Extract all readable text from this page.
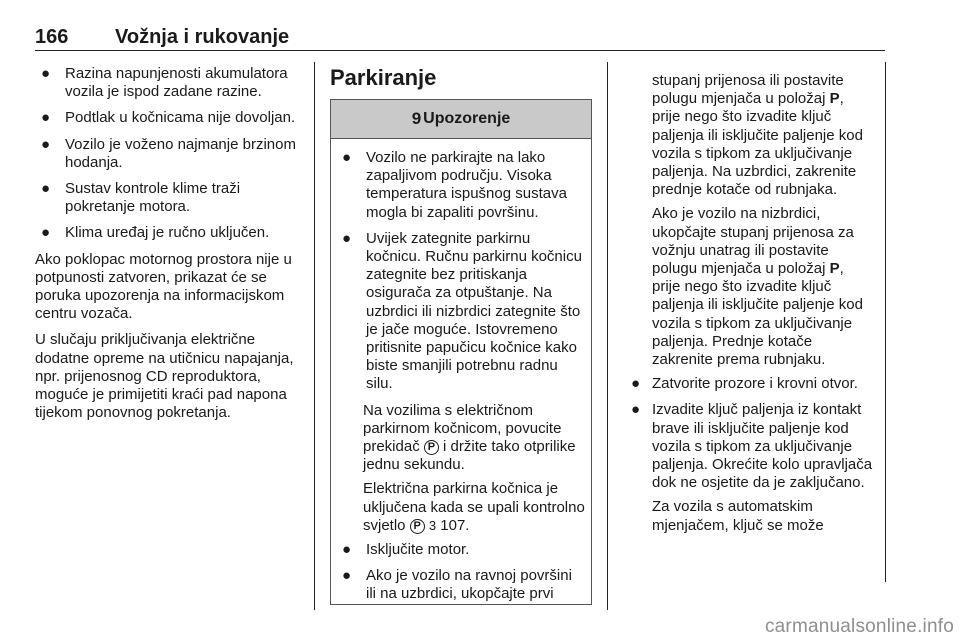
166 Vožnja i rukovanje
● Razina napunjenosti akumulatora vozila je ispod zadane razine.
● Podtlak u kočnicama nije dovoljan.
● Vozilo je voženo najmanje brzinom hodanja.
● Sustav kontrole klime traži pokretanje motora.
● Klima uređaj je ručno uključen.

Ako poklopac motornog prostora nije u potpunosti zatvoren, prikazat će se poruka upozorenja na informacijskom centru vozača.

U slučaju priključivanja električne dodatne opreme na utičnicu napajanja, npr. prijenosnog CD reproduktora, moguće je primijetiti kraći pad napona tijekom ponovnog pokretanja.

Parkiranje
9 Upozorenje
● Vozilo ne parkirajte na lako zapaljivom području. Visoka temperatura ispušnog sustava mogla bi zapaliti površinu.
● Uvijek zategnite parkirnu kočnicu. Ručnu parkirnu kočnicu zategnite bez pritiskanja osigurača za otpuštanje. Na uzbrdici ili nizbrdici zategnite što je jače moguće. Istovremeno pritisnite papučicu kočnice kako biste smanjili potrebnu radnu silu.

Na vozilima s električnom parkirnom kočnicom, povucite prekidač P i držite tako otprilike jednu sekundu.

Električna parkirna kočnica je uključena kada se upali kontrolno svjetlo P 3 107.

● Isključite motor.
● Ako je vozilo na ravnoj površini ili na uzbrdici, ukopčajte prvi

stupanj prijenosa ili postavite polugu mjenjača u položaj P, prije nego što izvadite ključ paljenja ili isključite paljenje kod vozila s tipkom za uključivanje paljenja. Na uzbrdici, zakrenite prednje kotače od rubnjaka.

Ako je vozilo na nizbrdici, ukopčajte stupanj prijenosa za vožnju unatrag ili postavite polugu mjenjača u položaj P, prije nego što izvadite ključ paljenja ili isključite paljenje kod vozila s tipkom za uključivanje paljenja. Prednje kotače zakrenite prema rubnjaku.

● Zatvorite prozore i krovni otvor.
● Izvadite ključ paljenja iz kontakt brave ili isključite paljenje kod vozila s tipkom za uključivanje paljenja. Okrećite kolo upravljača dok ne osjetite da je zaključano.

Za vozila s automatskim mjenjačem, ključ se može

carmanualsonline.info
